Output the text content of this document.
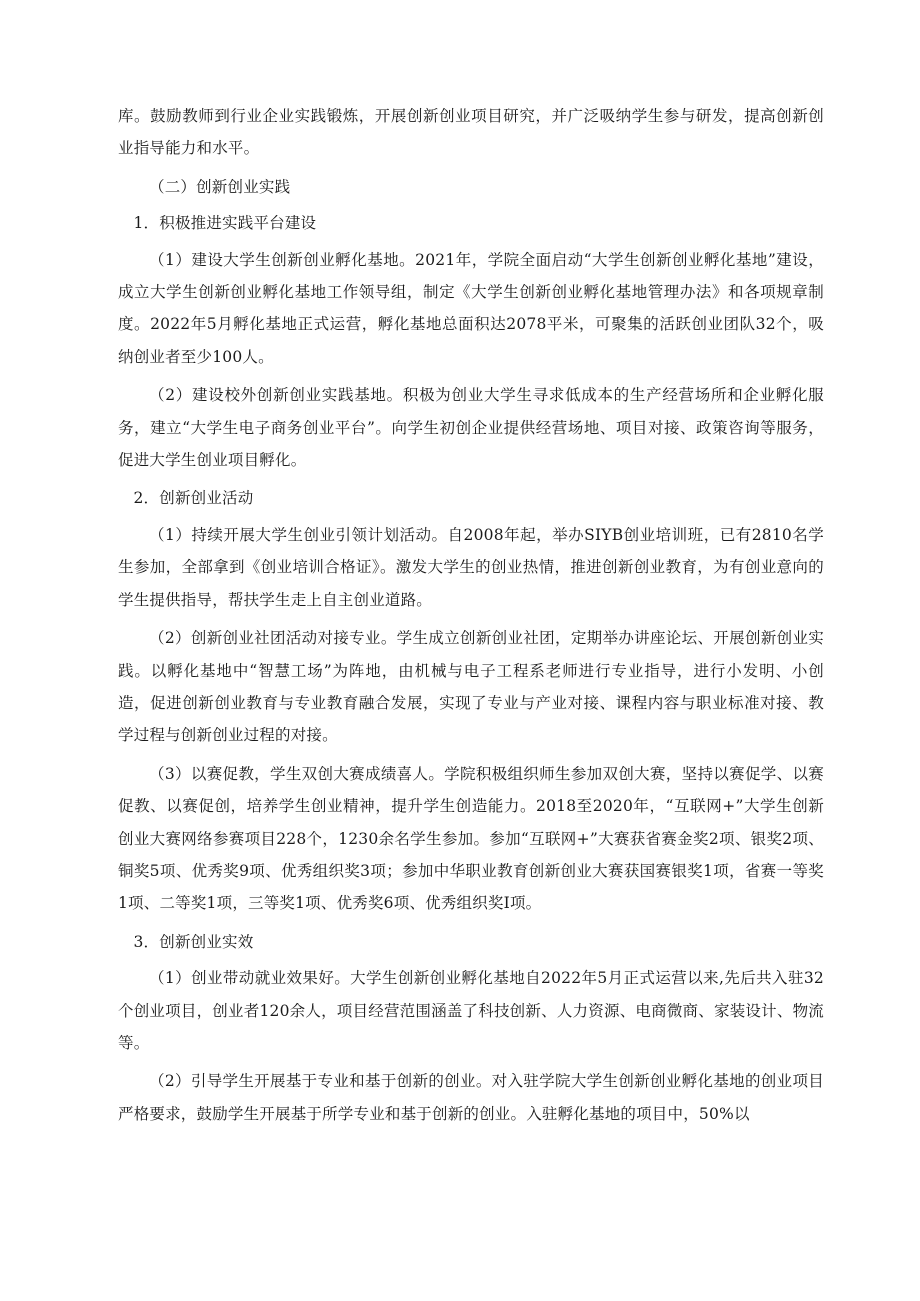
库。鼓励教师到行业企业实践锻炼，开展创新创业项目研究，并广泛吸纳学生参与研发，提高创新创业指导能力和水平。

（二）创新创业实践

1．积极推进实践平台建设

（1）建设大学生创新创业孵化基地。2021年，学院全面启动“大学生创新创业孵化基地”建设，成立大学生创新创业孵化基地工作领导组，制定《大学生创新创业孵化基地管理办法》和各项规章制度。2022年5月孵化基地正式运营，孵化基地总面积达2078平米，可聚集的活跃创业团队32个，吸纳创业者至少100人。

（2）建设校外创新创业实践基地。积极为创业大学生寻求低成本的生产经营场所和企业孵化服务，建立“大学生电子商务创业平台”。向学生初创企业提供经营场地、项目对接、政策咨询等服务，促进大学生创业项目孵化。

2．创新创业活动

（1）持续开展大学生创业引领计划活动。自2008年起，举办SIYB创业培训班，已有2810名学生参加，全部拿到《创业培训合格证》。激发大学生的创业热情，推进创新创业教育，为有创业意向的学生提供指导，帮扶学生走上自主创业道路。

（2）创新创业社团活动对接专业。学生成立创新创业社团，定期举办讲座论坛、开展创新创业实践。以孵化基地中“智慧工场”为阵地，由机械与电子工程系老师进行专业指导，进行小发明、小创造，促进创新创业教育与专业教育融合发展，实现了专业与产业对接、课程内容与职业标准对接、教学过程与创新创业过程的对接。

（3）以赛促教，学生双创大赛成绩喜人。学院积极组织师生参加双创大赛，坚持以赛促学、以赛促教、以赛促创，培养学生创业精神，提升学生创造能力。2018至2020年，“互联网+”大学生创新创业大赛网络参赛项目228个，1230余名学生参加。参加“互联网+”大赛获省赛金奖2项、银奖2项、铜奖5项、优秀奖9项、优秀组织奖3项；参加中华职业教育创新创业大赛获国赛银奖1项，省赛一等奖1项、二等奖1项，三等奖1项、优秀奖6项、优秀组织奖Ⅰ项。

3．创新创业实效

（1）创业带动就业效果好。大学生创新创业孵化基地自2022年5月正式运营以来,先后共入驻32个创业项目，创业者120余人，项目经营范围涵盖了科技创新、人力资源、电商微商、家装设计、物流等。

（2）引导学生开展基于专业和基于创新的创业。对入驻学院大学生创新创业孵化基地的创业项目严格要求，鼓励学生开展基于所学专业和基于创新的创业。入驻孵化基地的项目中，50%以
